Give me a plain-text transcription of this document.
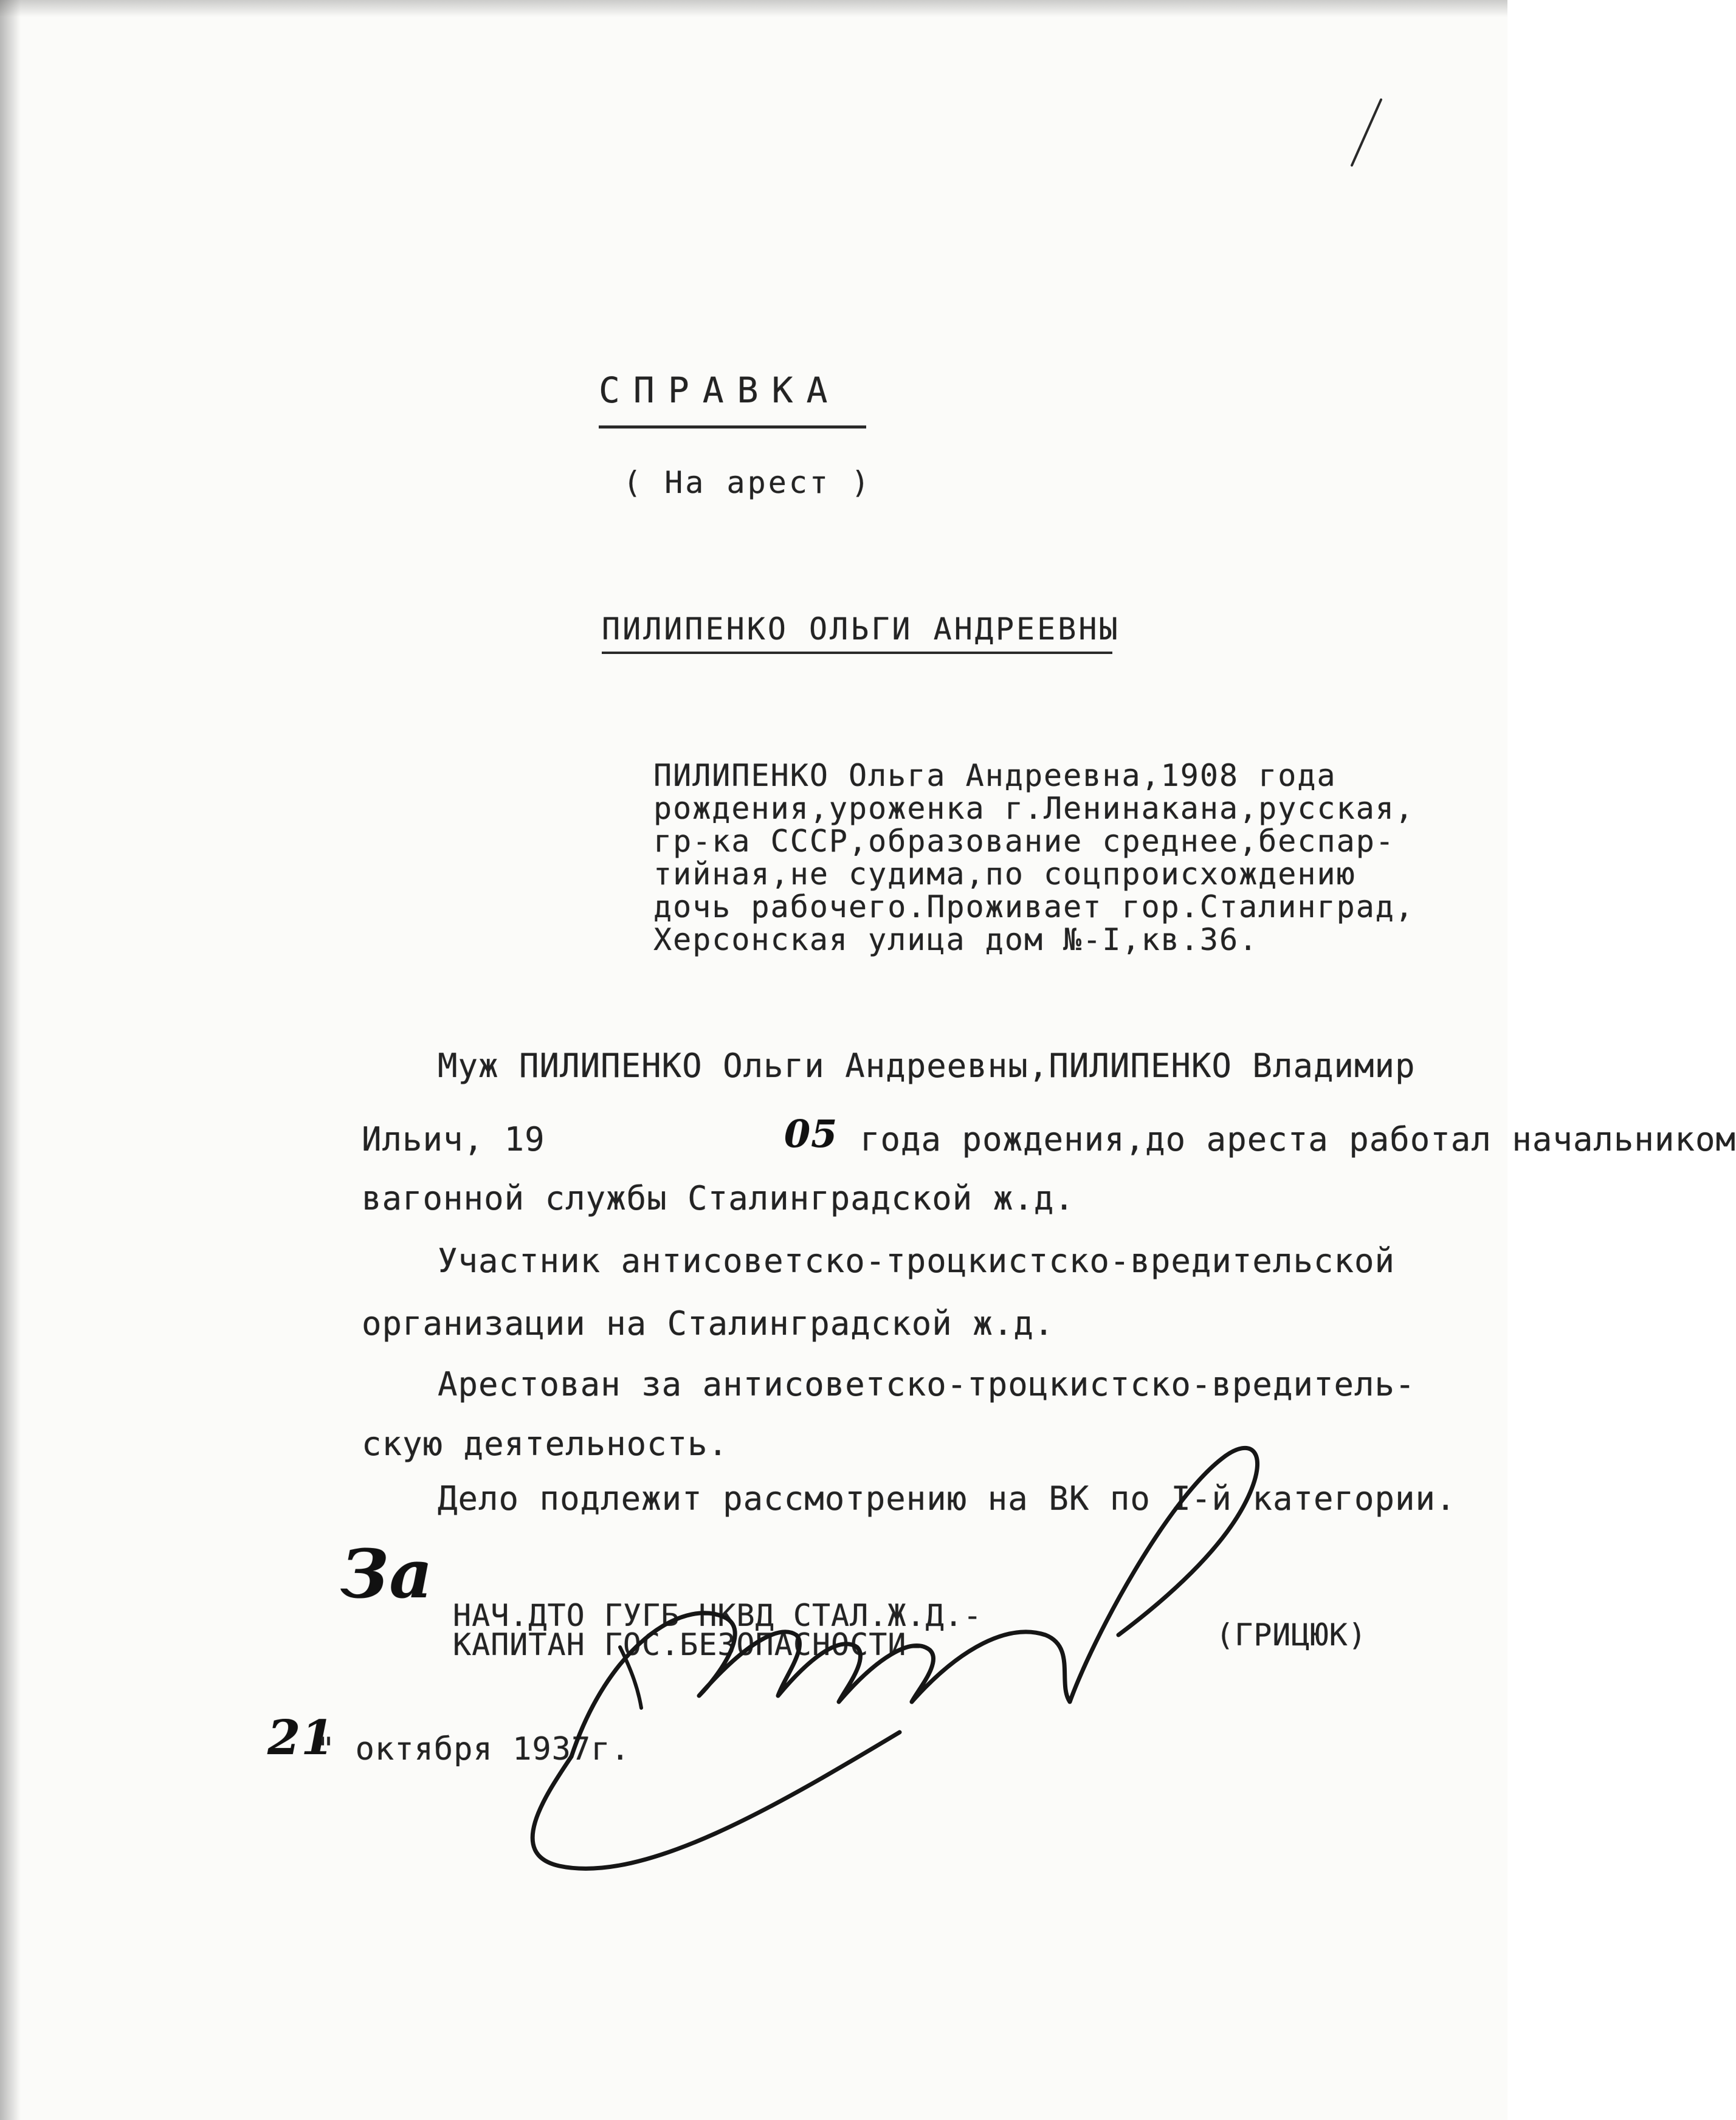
СПРАВКА
( На арест )
ПИЛИПЕНКО ОЛЬГИ АНДРЕЕВНЫ
ПИЛИПЕНКО Ольга Андреевна,1908 года
рождения,уроженка г.Ленинакана,русская,
гр-ка СССР,образование среднее,беспар-
тийная,не судима,по соцпроисхождению
дочь рабочего.Проживает гор.Сталинград,
Херсонская улица дом №-I,кв.36.
Муж ПИЛИПЕНКО Ольги Андреевны,ПИЛИПЕНКО Владимир
Ильич, 19	05 года рождения,до ареста работал начальником
вагонной службы Сталинградской ж.д.
Участник антисоветско-троцкистско-вредительской
организации на Сталинградской ж.д.
Арестован за антисоветско-троцкистско-вредитель-
скую деятельность.
Дело подлежит рассмотрению на ВК по I-й категории.
НАЧ.ДТО ГУГБ НКВД СТАЛ.Ж.Д.-
КАПИТАН ГОС.БЕЗОПАСНОСТИ-	(ГРИЦЮК)
21
" октября 1937г.
За
